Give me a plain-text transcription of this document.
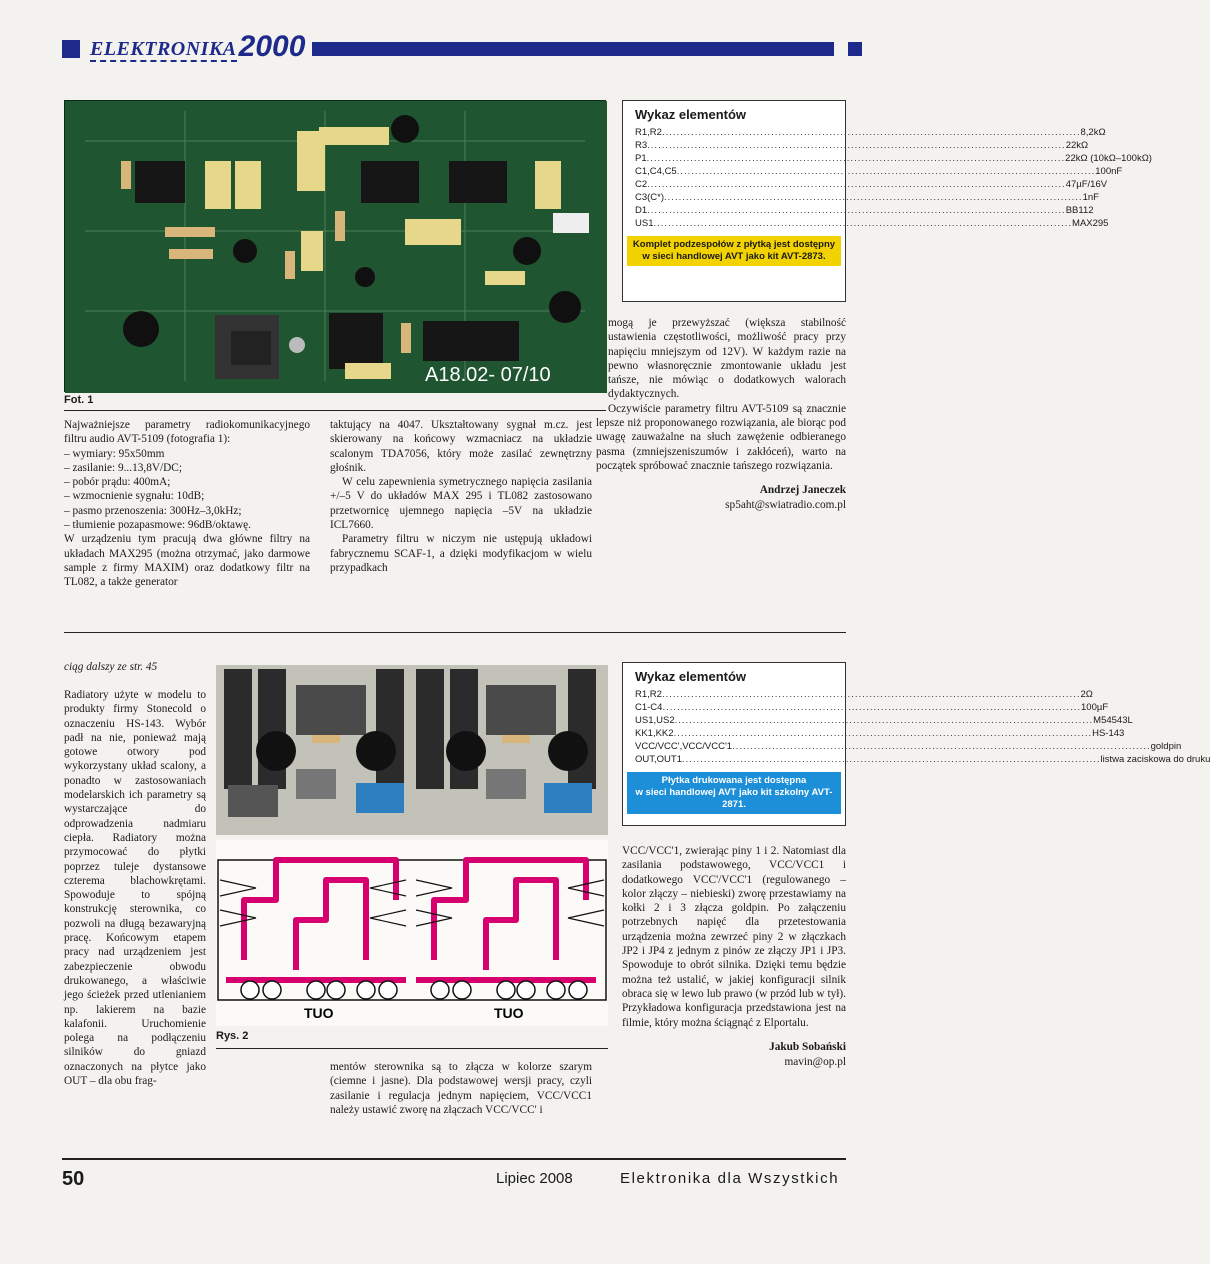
ELEKTRONIKA 2000
A18.02- 07/10
Fot. 1
Wykaz elementów
R1,R2 .....	8,2kΩ
R3 .....	22kΩ
P1 .....	22kΩ (10kΩ–100kΩ)
C1,C4,C5 .....	100nF
C2 .....	47µF/16V
C3(C*) .....	1nF
D1 .....	BB112
US1 .....	MAX295
Komplet podzespołów z płytką jest dostępny
w sieci handlowej AVT jako kit AVT-2873.

Najważniejsze parametry radiokomunikacyjnego filtru audio AVT-5109 (fotografia 1):

– wymiary: 95x50mm
– zasilanie: 9...13,8V/DC;
– pobór prądu: 400mA;
– wzmocnienie sygnału: 10dB;
– pasmo przenoszenia: 300Hz–3,0kHz;
– tłumienie pozapasmowe: 96dB/oktawę.

W urządzeniu tym pracują dwa główne filtry na układach MAX295 (można otrzymać, jako darmowe sample z firmy MAXIM) oraz dodatkowy filtr na TL082, a także generator

taktujący na 4047. Ukształtowany sygnał m.cz. jest skierowany na końcowy wzmacniacz na układzie scalonym TDA7056, który może zasilać zewnętrzny głośnik.

W celu zapewnienia symetrycznego napięcia zasilania +/–5 V do układów MAX 295 i TL082 zastosowano przetwornicę ujemnego napięcia –5V na układzie ICL7660.

Parametry filtru w niczym nie ustępują układowi fabrycznemu SCAF-1, a dzięki modyfikacjom w wielu przypadkach

mogą je przewyższać (większa stabilność ustawienia częstotliwości, możliwość pracy przy napięciu mniejszym od 12V). W każdym razie na pewno własnoręcznie zmontowanie układu jest tańsze, nie mówiąc o dodatkowych walorach dydaktycznych.

Oczywiście parametry filtru AVT-5109 są znacznie lepsze niż proponowanego rozwiązania, ale biorąc pod uwagę zauważalne na słuch zawężenie odbieranego pasma (zmniejszeniszumów i zakłóceń), warto na początek spróbować znacznie tańszego rozwiązania.

Andrzej Janeczek
sp5aht@swiatradio.com.pl
ciąg dalszy ze str. 45

Radiatory użyte w modelu to produkty firmy Stonecold o oznaczeniu HS-143. Wybór padł na nie, ponieważ mają gotowe otwory pod wykorzystany układ scalony, a ponadto w zastosowaniach modelarskich ich parametry są wystarczające do odprowadzenia nadmiaru ciepła. Radiatory można przymocować do płytki poprzez tuleje dystansowe czterema blachowkrętami. Spowoduje to spójną konstrukcję sterownika, co pozwoli na długą bezawaryjną pracę. Końcowym etapem pracy nad urządzeniem jest zabezpieczenie obwodu drukowanego, a właściwie jego ścieżek przed utlenianiem np. lakierem na bazie kalafonii. Uruchomienie polega na podłączeniu silników do gniazd oznaczonych na płytce jako OUT – dla obu frag-

TUO	TUO
Rys. 2

mentów sterownika są to złącza w kolorze szarym (ciemne i jasne). Dla podstawowej wersji pracy, czyli zasilanie i regulacja jednym napięciem, VCC/VCC1 należy ustawić zworę na złączach VCC/VCC' i

Wykaz elementów
R1,R2 .....	2Ω
C1-C4 .....	100µF
US1,US2 .....	M54543L
KK1,KK2 .....	HS-143
VCC/VCC',VCC/VCC'1 .....	goldpin
OUT,OUT1 .....	listwa zaciskowa do druku
Płytka drukowana jest dostępna
w sieci handlowej AVT jako kit szkolny AVT-2871.

VCC/VCC'1, zwierając piny 1 i 2. Natomiast dla zasilania podstawowego, VCC/VCC1 i dodatkowego VCC'/VCC'1 (regulowanego – kolor złączy – niebieski) zworę przestawiamy na kołki 2 i 3 złącza goldpin. Po załączeniu potrzebnych napięć dla przetestowania urządzenia można zewrzeć piny 2 w złączkach JP2 i JP4 z jednym z pinów ze złączy JP1 i JP3. Spowoduje to obrót silnika. Dzięki temu będzie można też ustalić, w jakiej konfiguracji silnik obraca się w lewo lub prawo (w przód lub w tył). Przykładowa konfiguracja przedstawiona jest na filmie, który można ściągnąć z Elportalu.

Jakub Sobański
mavin@op.pl
50	Lipiec 2008	Elektronika dla Wszystkich
